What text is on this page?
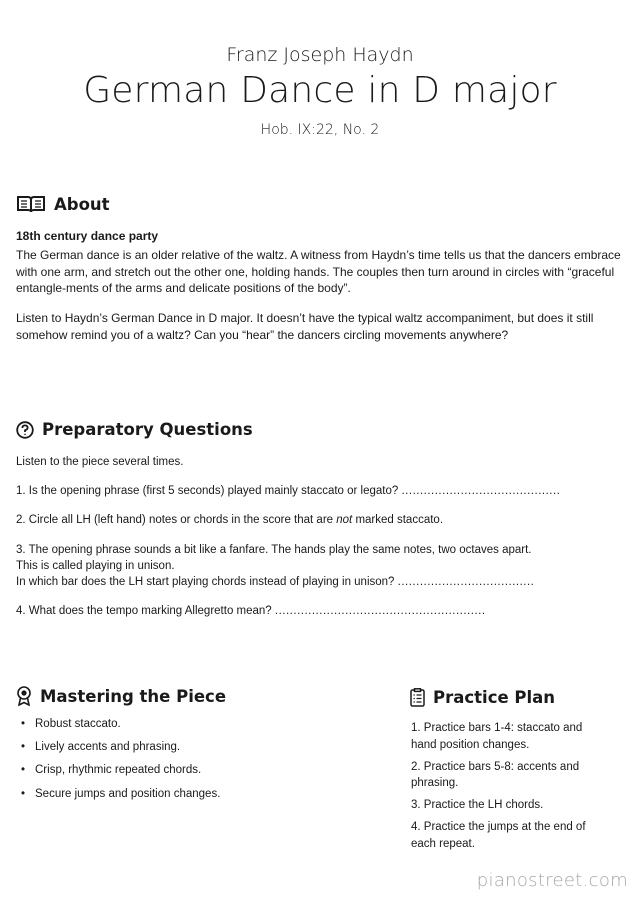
Franz Joseph Haydn
German Dance in D major
Hob. IX:22, No. 2
About
18th century dance party
The German dance is an older relative of the waltz. A witness from Haydn’s time tells us that the dancers embrace with one arm, and stretch out the other one, holding hands. The couples then turn around in circles with “graceful entangle-ments of the arms and delicate positions of the body”.
Listen to Haydn’s German Dance in D major. It doesn’t have the typical waltz accompaniment, but does it still somehow remind you of a waltz? Can you “hear” the dancers circling movements anywhere?
Preparatory Questions
Listen to the piece several times.
1. Is the opening phrase (first 5 seconds) played mainly staccato or legato? ...........................................
2. Circle all LH (left hand) notes or chords in the score that are not marked staccato.
3. The opening phrase sounds a bit like a fanfare. The hands play the same notes, two octaves apart.
This is called playing in unison.
In which bar does the LH start playing chords instead of playing in unison? .....................................
4. What does the tempo marking Allegretto mean? .........................................................
Mastering the Piece
• Robust staccato.
• Lively accents and phrasing.
• Crisp, rhythmic repeated chords.
• Secure jumps and position changes.
Practice Plan
1. Practice bars 1-4: staccato and hand position changes.
2. Practice bars 5-8: accents and phrasing.
3. Practice the LH chords.
4. Practice the jumps at the end of each repeat.
pianostreet.com
